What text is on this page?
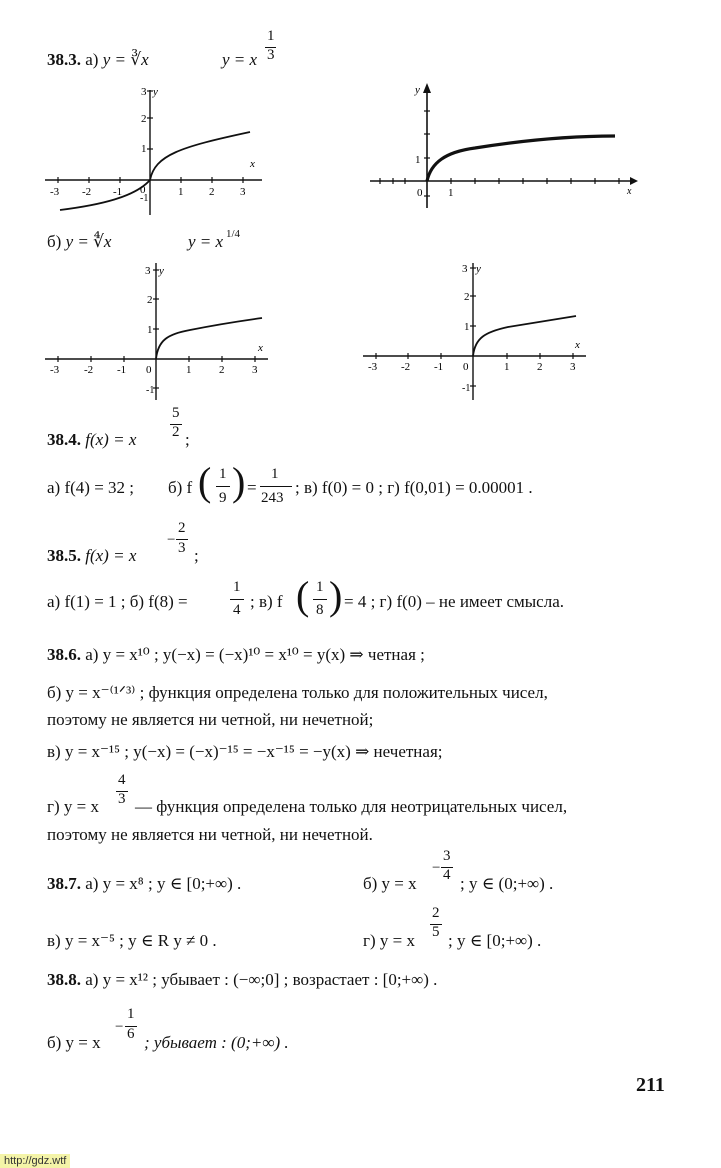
38.3. а) y = ∛x	y = x
1
3
-3 -2 -1 0	1 2 3
-1
1
2
3 y
x
y
1
0 1	x
б) y = ∜x	y = x 1/4
-3 -2 -1 0	1	2	3
-1
1
2
3 y
x
-3 -2 -1 0	1	2	3
-1
1
2
3 y
x
38.4. f(x) = x
5
2 ;
а) f(4) = 32 ; б) f ( 1
9 ) =
1
243
; в) f(0) = 0 ; г) f(0,01) = 0.00001 .
38.5. f(x) = x
−
2
3 ;
а) f(1) = 1 ; б) f(8) =
1
4 ; в) f ( 1
8 ) = 4 ; г) f(0) – не имеет смысла.
38.6. а) y = x¹⁰ ; y(−x) = (−x)¹⁰ = x¹⁰ = y(x) ⇒ четная ;
б) y = x⁻⁽¹ᐟ³⁾ ; функция определена только для положительных чисел,
поэтому не является ни четной, ни нечетной;
в) y = x⁻¹⁵ ; y(−x) = (−x)⁻¹⁵ = −x⁻¹⁵ = −y(x) ⇒ нечетная;
г) y = x
4
3 — функция определена только для неотрицательных чисел,
поэтому не является ни четной, ни нечетной.
38.7. а) y = x⁸ ; y ∈ [0;+∞) .	б) y = x
−
3
4 ; y ∈ (0;+∞) .
в) y = x⁻⁵ ; y ∈ R y ≠ 0 .	г) y = x
2
5 ; y ∈ [0;+∞) .
38.8. а) y = x¹² ; убывает : (−∞;0] ; возрастает : [0;+∞) .
б) y = x
−
1
6 ; убывает : (0;+∞) .
211
http://gdz.wtf
